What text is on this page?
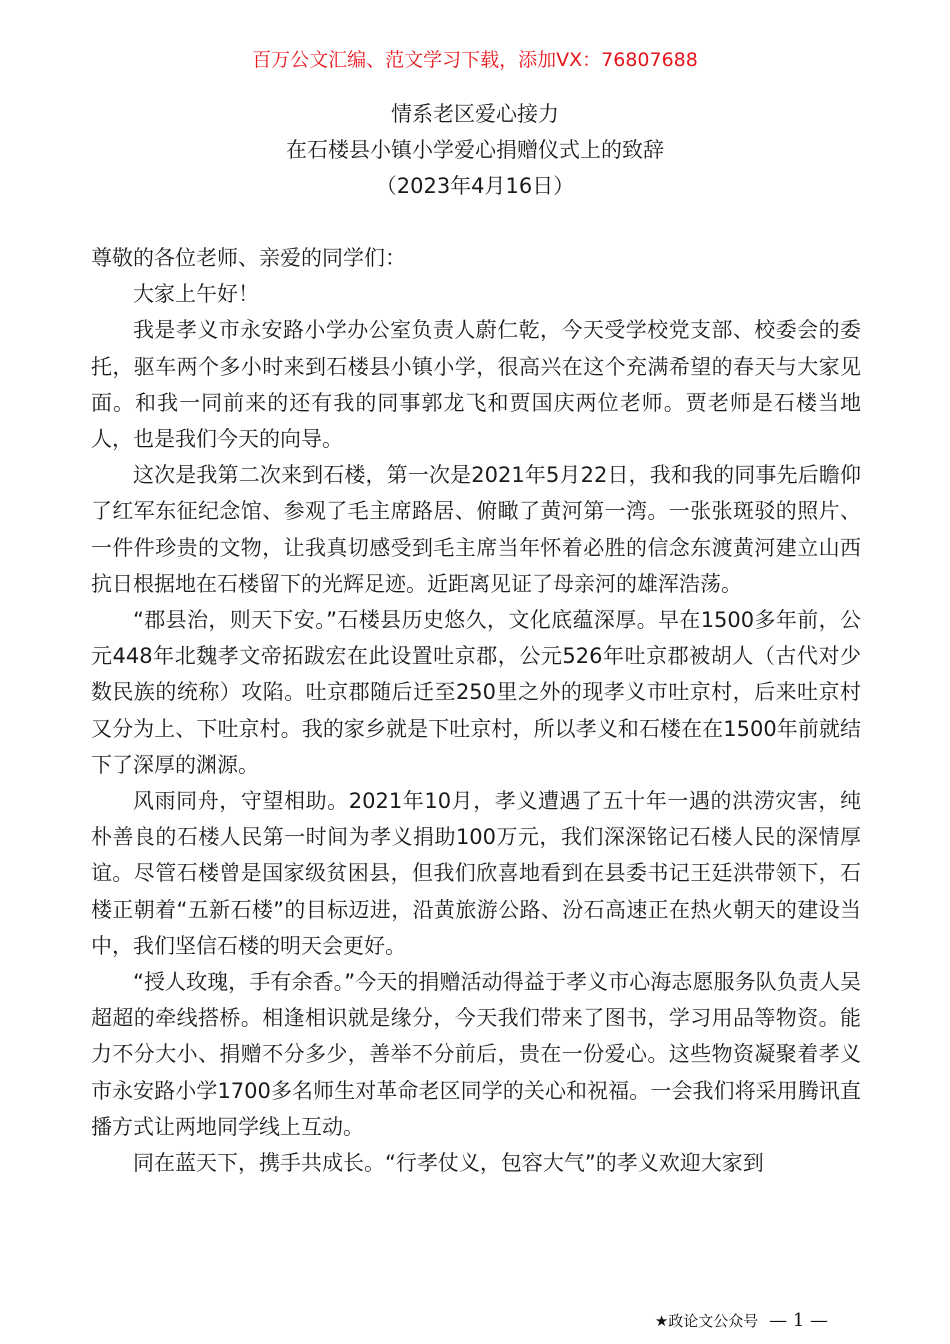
百万公文汇编、范文学习下载，添加VX：76807688
情系老区爱心接力
在石楼县小镇小学爱心捐赠仪式上的致辞
（2023年4月16日）

尊敬的各位老师、亲爱的同学们：

大家上午好！

我是孝义市永安路小学办公室负责人蔚仁乾，今天受学校党支部、校委会的委托，驱车两个多小时来到石楼县小镇小学，很高兴在这个充满希望的春天与大家见面。和我一同前来的还有我的同事郭龙飞和贾国庆两位老师。贾老师是石楼当地人，也是我们今天的向导。

这次是我第二次来到石楼，第一次是2021年5月22日，我和我的同事先后瞻仰了红军东征纪念馆、参观了毛主席路居、俯瞰了黄河第一湾。一张张斑驳的照片、一件件珍贵的文物，让我真切感受到毛主席当年怀着必胜的信念东渡黄河建立山西抗日根据地在石楼留下的光辉足迹。近距离见证了母亲河的雄浑浩荡。

“郡县治，则天下安。”石楼县历史悠久，文化底蕴深厚。早在1500多年前，公元448年北魏孝文帝拓跋宏在此设置吐京郡，公元526年吐京郡被胡人（古代对少数民族的统称）攻陷。吐京郡随后迁至250里之外的现孝义市吐京村，后来吐京村又分为上、下吐京村。我的家乡就是下吐京村，所以孝义和石楼在在1500年前就结下了深厚的渊源。

风雨同舟，守望相助。2021年10月，孝义遭遇了五十年一遇的洪涝灾害，纯朴善良的石楼人民第一时间为孝义捐助100万元，我们深深铭记石楼人民的深情厚谊。尽管石楼曾是国家级贫困县，但我们欣喜地看到在县委书记王廷洪带领下，石楼正朝着“五新石楼”的目标迈进，沿黄旅游公路、汾石高速正在热火朝天的建设当中，我们坚信石楼的明天会更好。

“授人玫瑰，手有余香。”今天的捐赠活动得益于孝义市心海志愿服务队负责人吴超超的牵线搭桥。相逢相识就是缘分，今天我们带来了图书，学习用品等物资。能力不分大小、捐赠不分多少，善举不分前后，贵在一份爱心。这些物资凝聚着孝义市永安路小学1700多名师生对革命老区同学的关心和祝福。一会我们将采用腾讯直播方式让两地同学线上互动。

同在蓝天下，携手共成长。“行孝仗义，包容大气”的孝义欢迎大家到

★政论文公众号 — 1 —
